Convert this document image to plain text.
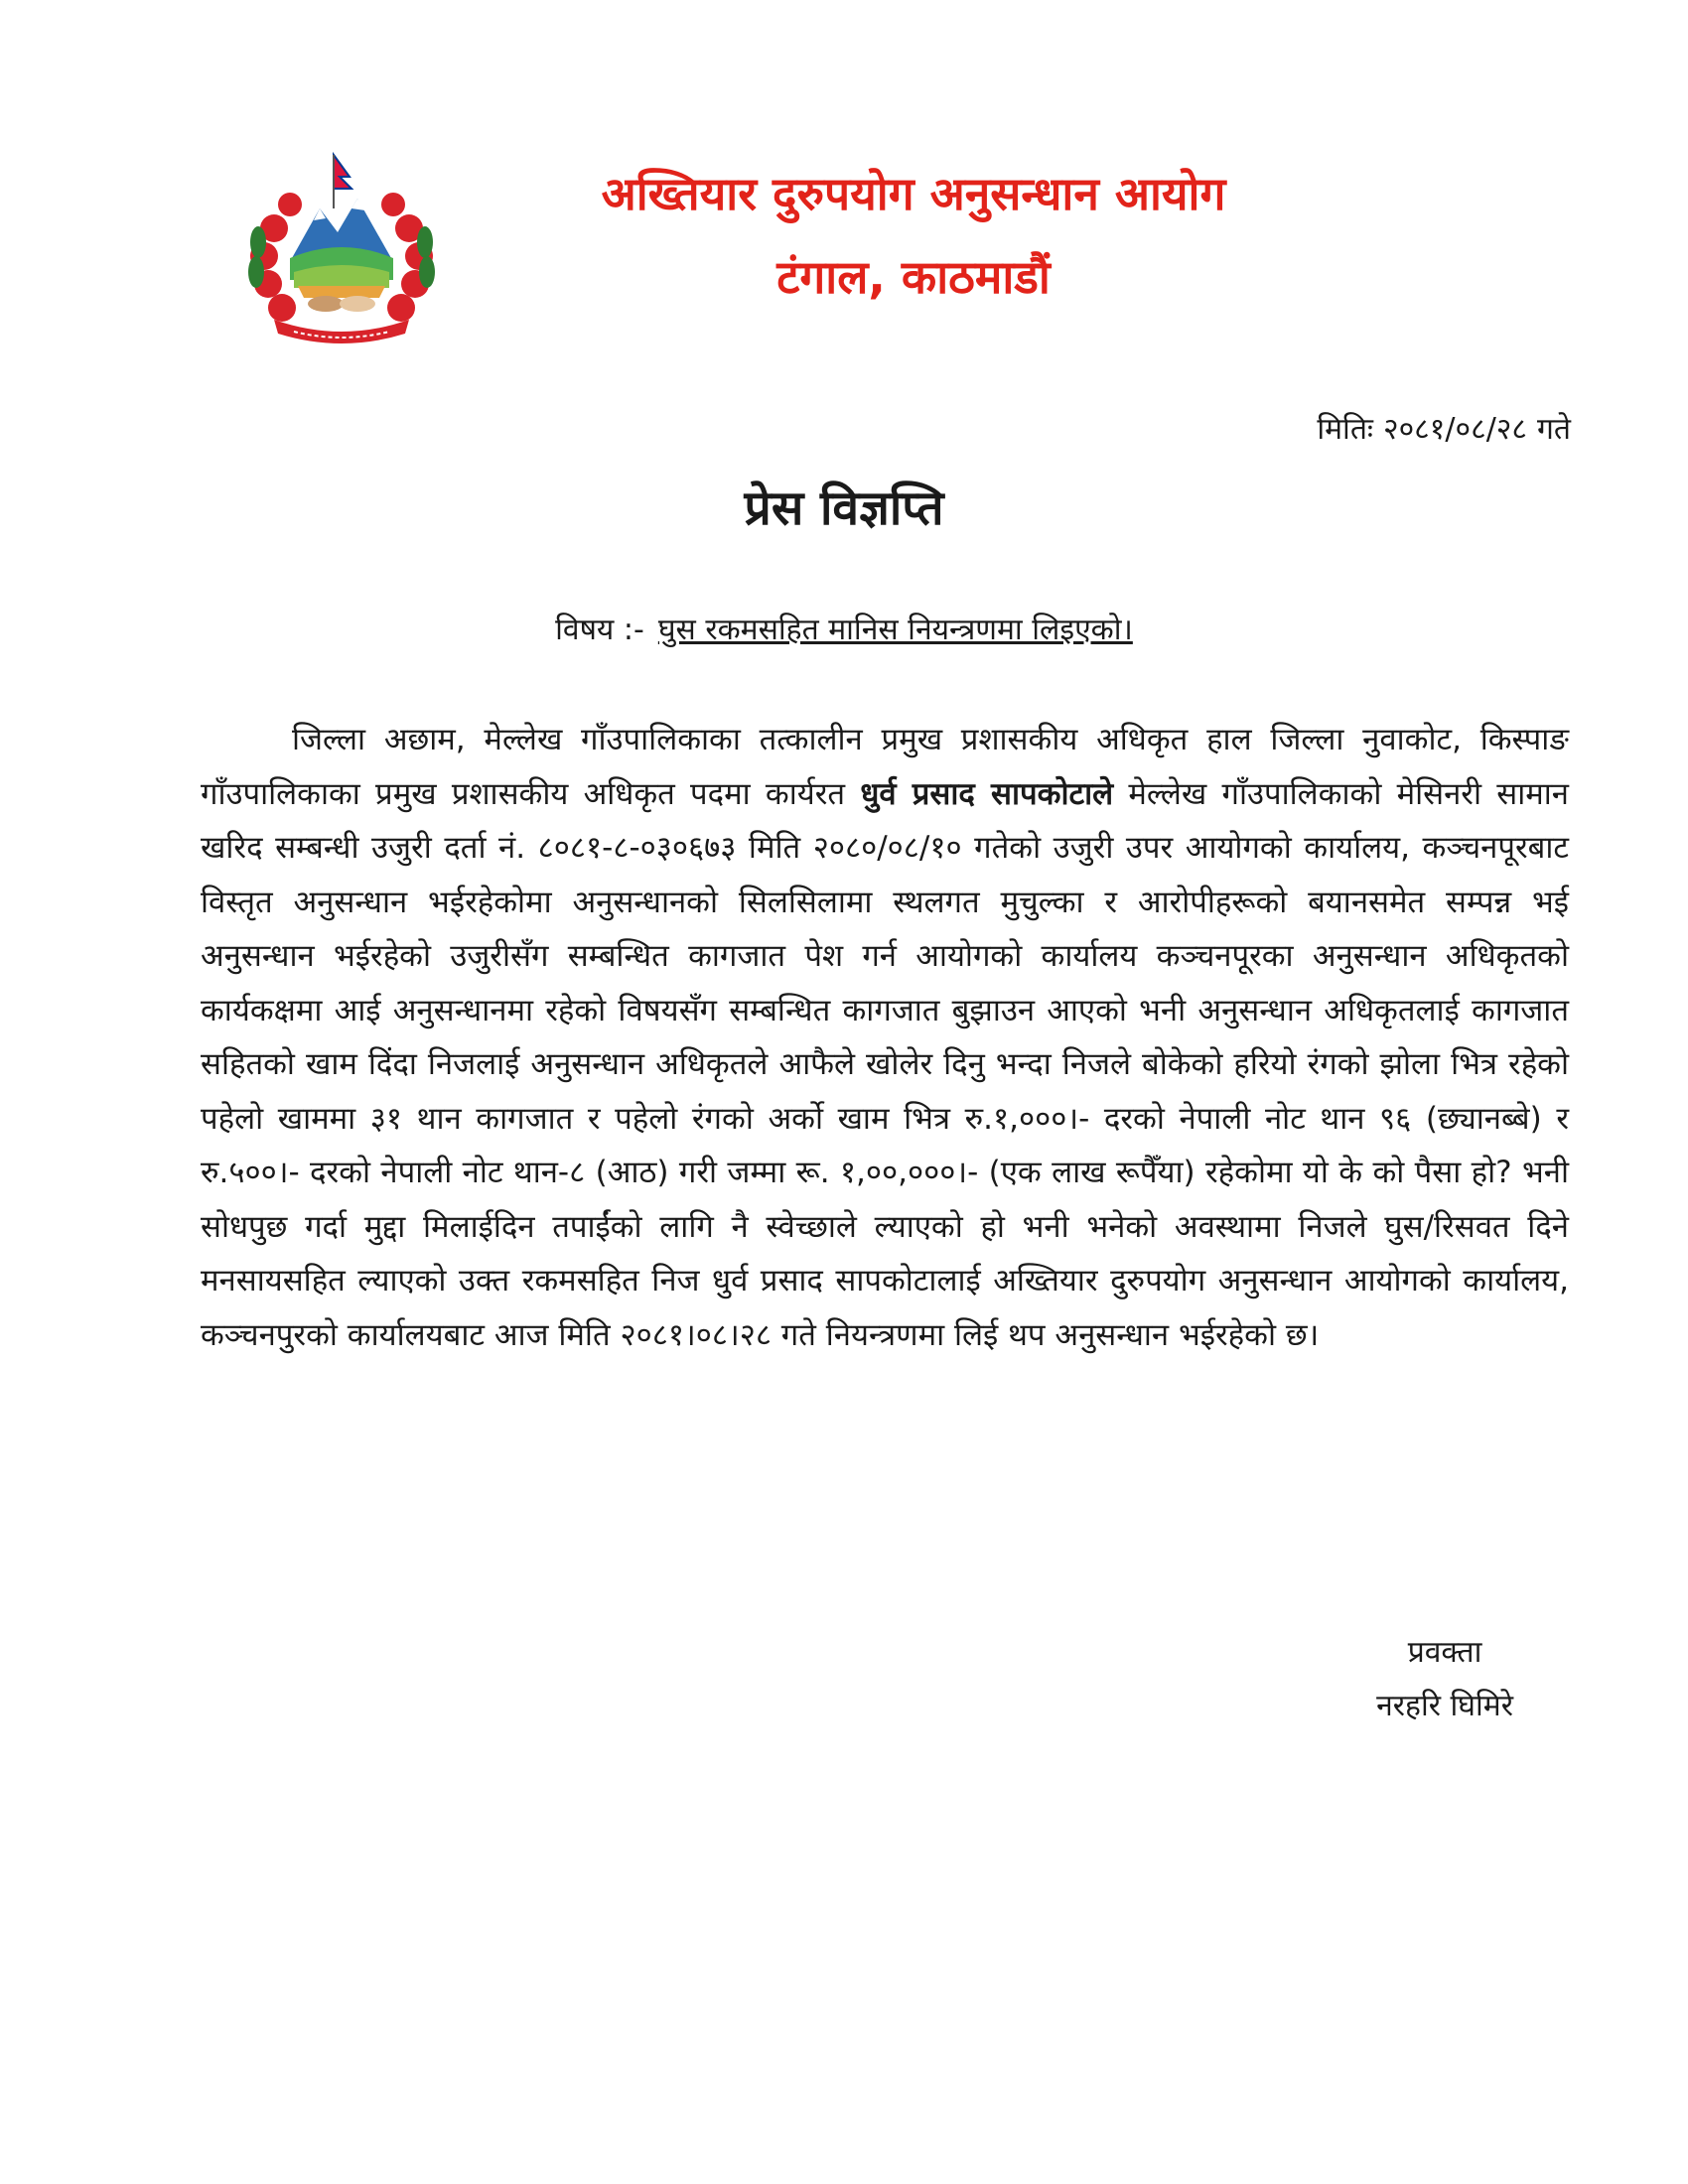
अख्तियार दुरुपयोग अनुसन्धान आयोग
टंगाल, काठमाडौं
मितिः २०८१/०८/२८ गते
प्रेस विज्ञप्ति
विषय :- घुस रकमसहित मानिस नियन्त्रणमा लिइएको।

जिल्ला अछाम, मेल्लेख गाँउपालिकाका तत्कालीन प्रमुख प्रशासकीय अधिकृत हाल जिल्ला नुवाकोट, किस्पाङ गाँउपालिकाका प्रमुख प्रशासकीय अधिकृत पदमा कार्यरत धुर्व प्रसाद सापकोटाले मेल्लेख गाँउपालिकाको मेसिनरी सामान खरिद सम्बन्धी उजुरी दर्ता नं. ८०८१-८-०३०६७३ मिति २०८०/०८/१० गतेको उजुरी उपर आयोगको कार्यालय, कञ्चनपूरबाट विस्तृत अनुसन्धान भईरहेकोमा अनुसन्धानको सिलसिलामा स्थलगत मुचुल्का र आरोपीहरूको बयानसमेत सम्पन्न भई अनुसन्धान भईरहेको उजुरीसँग सम्बन्धित कागजात पेश गर्न आयोगको कार्यालय कञ्चनपूरका अनुसन्धान अधिकृतको कार्यकक्षमा आई अनुसन्धानमा रहेको विषयसँग सम्बन्धित कागजात बुझाउन आएको भनी अनुसन्धान अधिकृतलाई कागजात सहितको खाम दिंदा निजलाई अनुसन्धान अधिकृतले आफैले खोलेर दिनु भन्दा निजले बोकेको हरियो रंगको झोला भित्र रहेको पहेलो खाममा ३१ थान कागजात र पहेलो रंगको अर्को खाम भित्र रु.१,०००।- दरको नेपाली नोट थान ९६ (छ्यानब्बे) र रु.५००।- दरको नेपाली नोट थान-८ (आठ) गरी जम्मा रू. १,००,०००।- (एक लाख रूपैँया) रहेकोमा यो के को पैसा हो? भनी सोधपुछ गर्दा मुद्दा मिलाईदिन तपाईंको लागि नै स्वेच्छाले ल्याएको हो भनी भनेको अवस्थामा निजले घुस/रिसवत दिने मनसायसहित ल्याएको उक्त रकमसहित निज धुर्व प्रसाद सापकोटालाई अख्तियार दुरुपयोग अनुसन्धान आयोगको कार्यालय, कञ्चनपुरको कार्यालयबाट आज मिति २०८१।०८।२८ गते नियन्त्रणमा लिई थप अनुसन्धान भईरहेको छ।

प्रवक्ता
नरहरि घिमिरे
